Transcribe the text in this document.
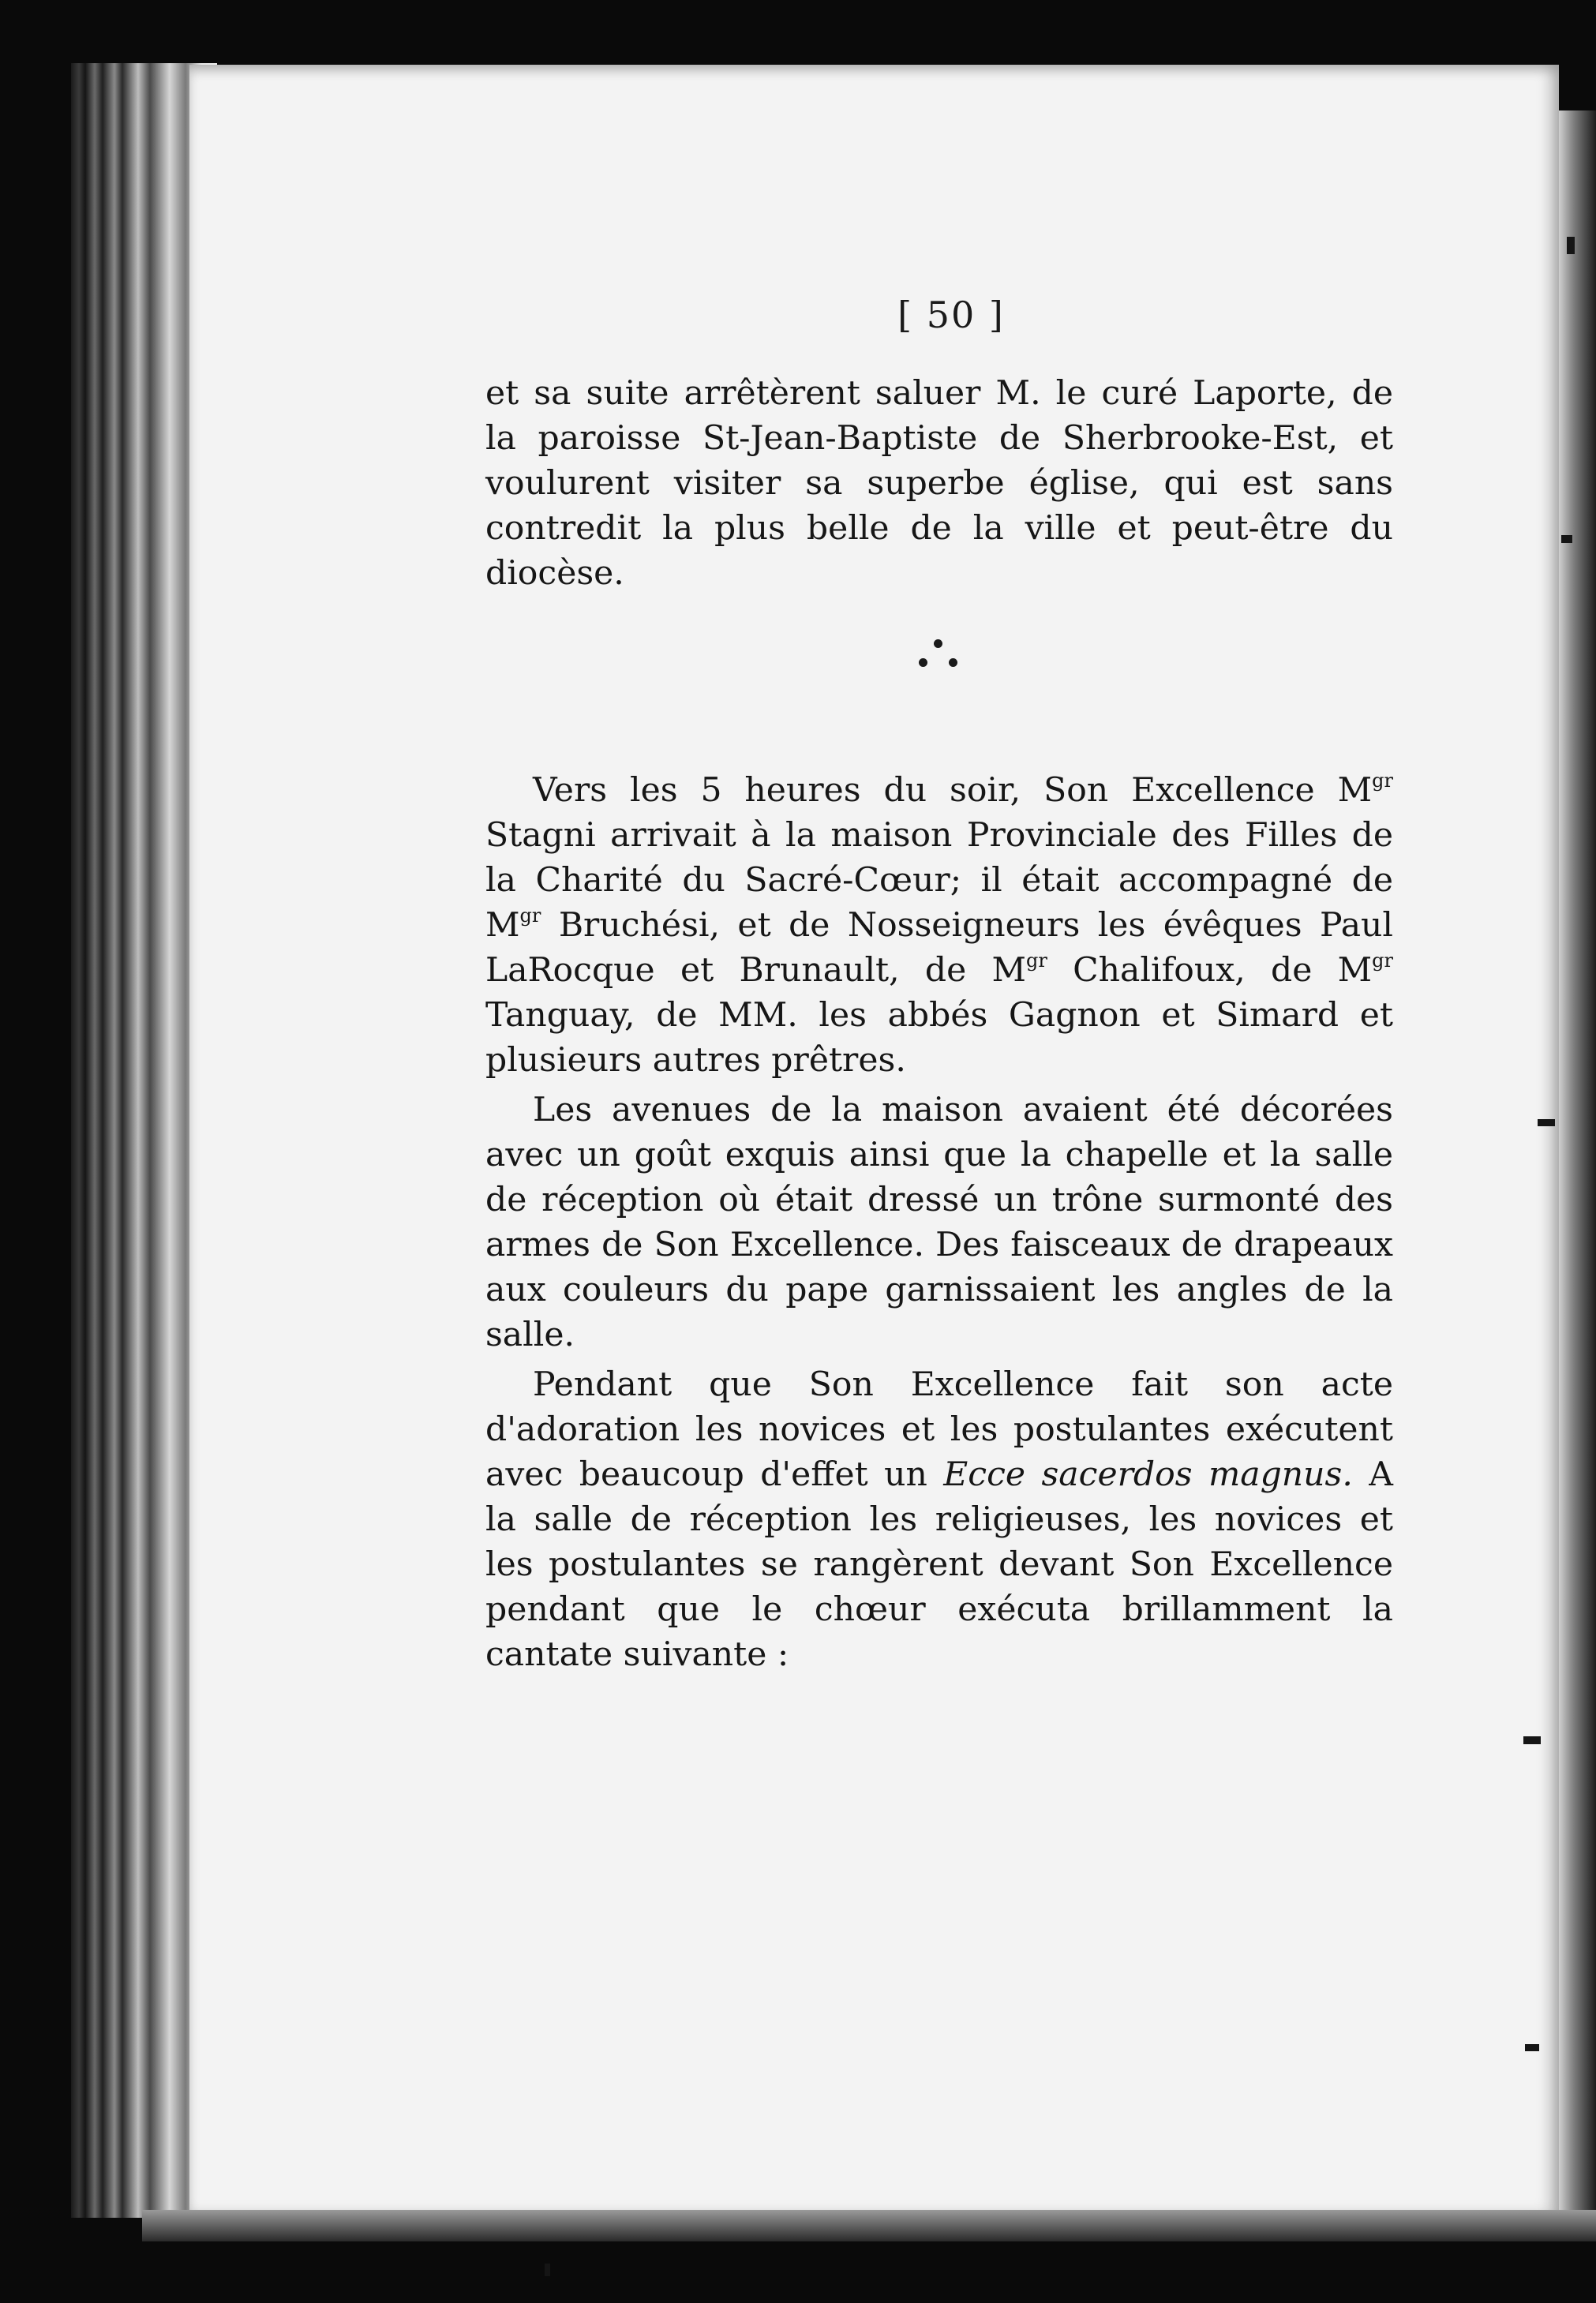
[ 50 ]

et sa suite arrêtèrent saluer M. le curé Laporte, de la paroisse St-Jean-Baptiste de Sherbrooke-Est, et voulurent visiter sa superbe église, qui est sans contredit la plus belle de la ville et peut-être du diocèse.

Vers les 5 heures du soir, Son Excellence $M^{gr}$ Stagni arrivait à la maison Provinciale des Filles de la Charité du Sacré-Cœur; il était accompagné de $M^{gr}$ Bruchési, et de Nosseigneurs les évêques Paul LaRocque et Brunault, de $M^{gr}$ Chalifoux, de $M^{gr}$ Tanguay, de MM. les abbés Gagnon et Simard et plusieurs autres prêtres.

Les avenues de la maison avaient été décorées avec un goût exquis ainsi que la chapelle et la salle de réception où était dressé un trône surmonté des armes de Son Excellence. Des faisceaux de drapeaux aux couleurs du pape garnissaient les angles de la salle.

Pendant que Son Excellence fait son acte d'adoration les novices et les postulantes exécutent avec beaucoup d'effet un Ecce sacerdos magnus. A la salle de réception les religieuses, les novices et les postulantes se rangèrent devant Son Excellence pendant que le chœur exécuta brillamment la cantate suivante :
